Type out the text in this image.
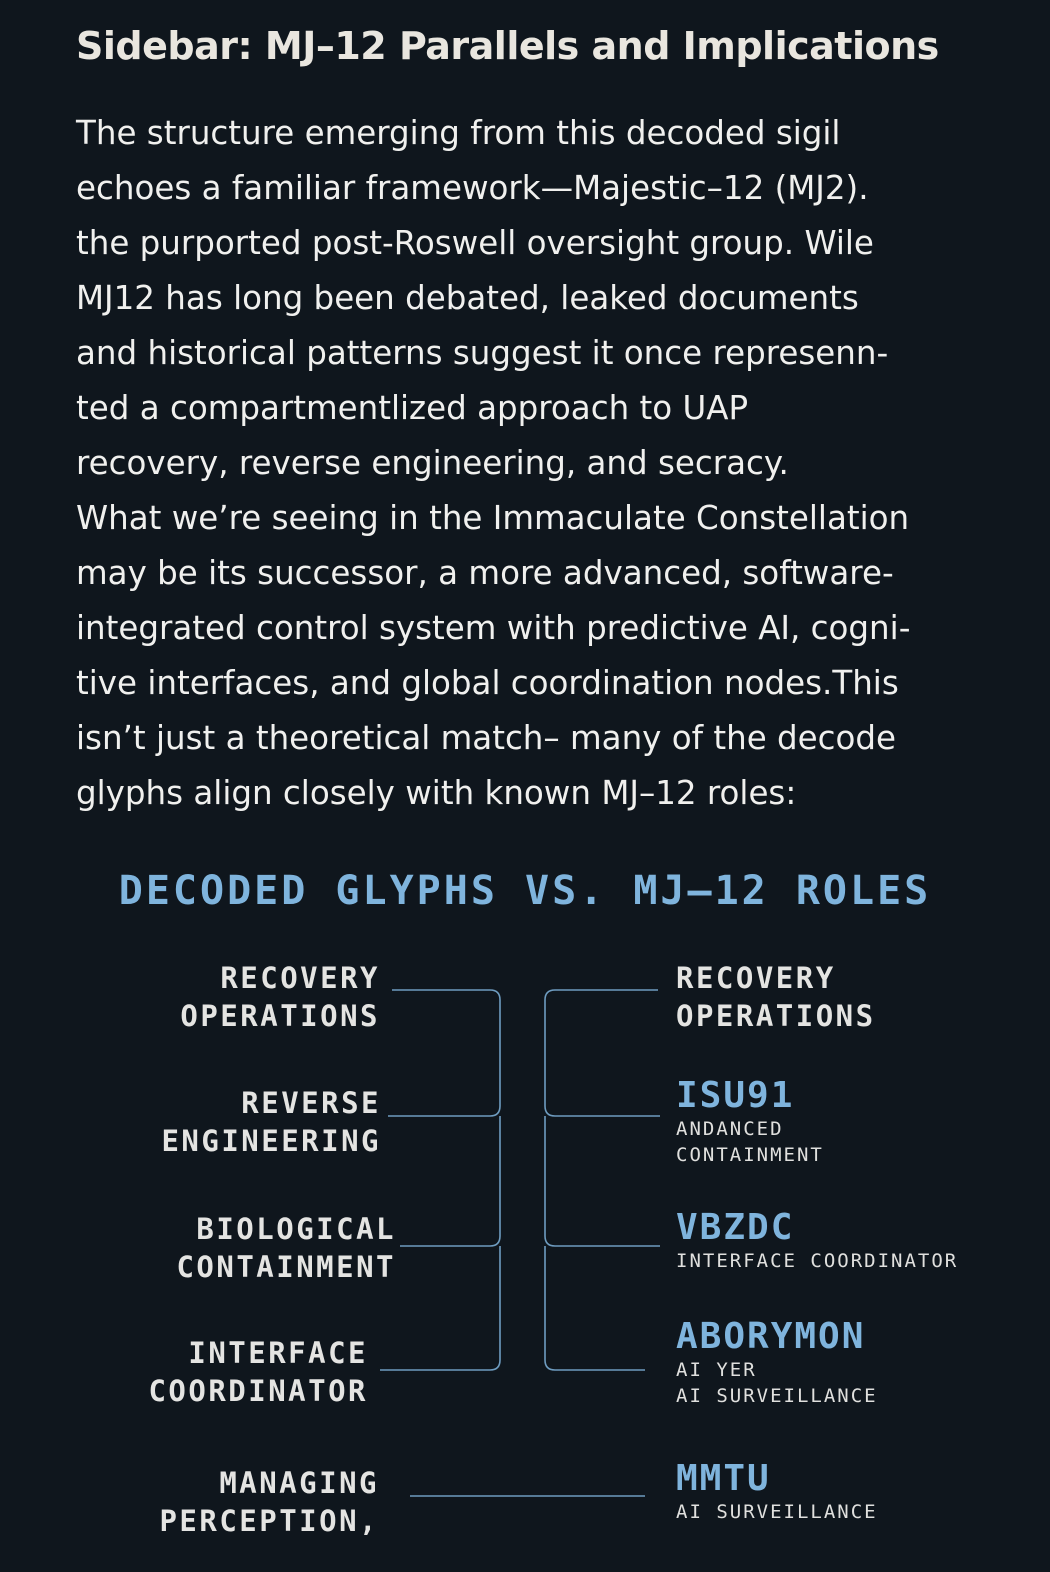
Sidebar: MJ–12 Parallels and Implications
The structure emerging from this decoded sigil
echoes a familiar framework—Majestic–12 (MJ2).
the purported post-Roswell oversight group. Wile
MJ12 has long been debated, leaked documents
and historical patterns suggest it once represenn-
ted a compartmentlized approach to UAP
recovery, reverse engineering, and secracy.
What we’re seeing in the Immaculate Constellation
may be its successor, a more advanced, software-
integrated control system with predictive AI, cogni-
tive interfaces, and global coordination nodes.This
isn’t just a theoretical match– many of the decode
glyphs align closely with known MJ–12 roles:
DECODED GLYPHS VS. MJ–12 ROLES
RECOVERY
OPERATIONS
REVERSE
ENGINEERING
BIOLOGICAL
CONTAINMENT
INTERFACE
COORDINATOR
MANAGING
PERCEPTION,
RECOVERY
OPERATIONS
ISU91
ANDANCED
CONTAINMENT
VBZDC
INTERFACE COORDINATOR
ABORYMON
AI YER
AI SURVEILLANCE
MMTU
AI SURVEILLANCE
